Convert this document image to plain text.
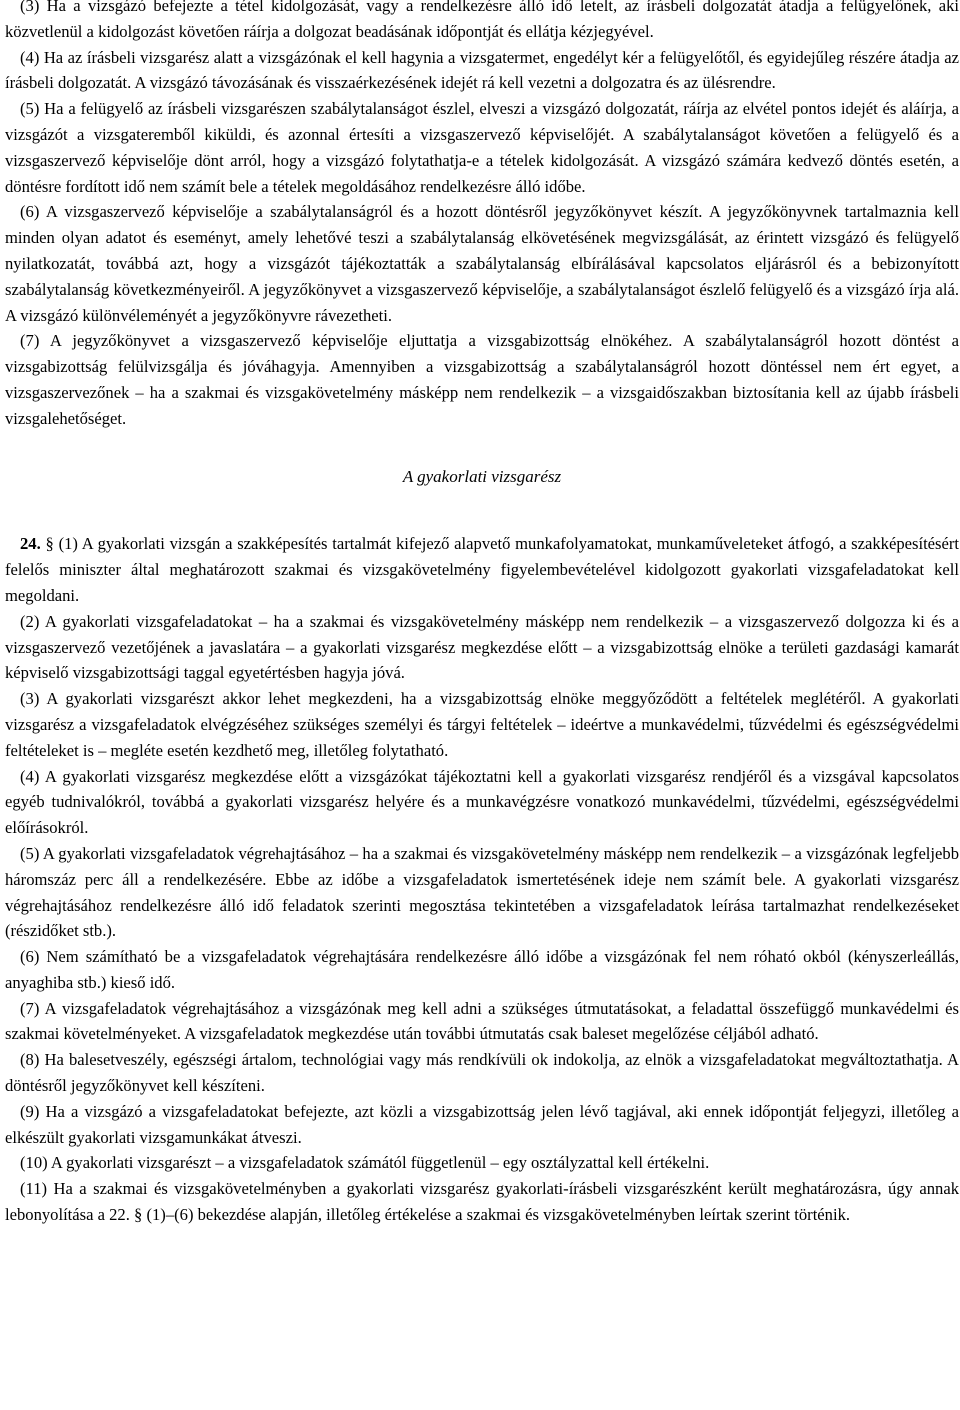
(3) Ha a vizsgázó befejezte a tétel kidolgozását, vagy a rendelkezésre álló idő letelt, az írásbeli dolgozatát átadja a felügyelőnek, aki közvetlenül a kidolgozást követően ráírja a dolgozat beadásának időpontját és ellátja kézjegyével.

(4) Ha az írásbeli vizsgarész alatt a vizsgázónak el kell hagynia a vizsgatermet, engedélyt kér a felügyelőtől, és egyidejűleg részére átadja az írásbeli dolgozatát. A vizsgázó távozásának és visszaérkezésének idejét rá kell vezetni a dolgozatra és az ülésrendre.

(5) Ha a felügyelő az írásbeli vizsgarészen szabálytalanságot észlel, elveszi a vizsgázó dolgozatát, ráírja az elvétel pontos idejét és aláírja, a vizsgázót a vizsgateremből kiküldi, és azonnal értesíti a vizsgaszervező képviselőjét. A szabálytalanságot követően a felügyelő és a vizsgaszervező képviselője dönt arról, hogy a vizsgázó folytathatja-e a tételek kidolgozását. A vizsgázó számára kedvező döntés esetén, a döntésre fordított idő nem számít bele a tételek megoldásához rendelkezésre álló időbe.

(6) A vizsgaszervező képviselője a szabálytalanságról és a hozott döntésről jegyzőkönyvet készít. A jegyzőkönyvnek tartalmaznia kell minden olyan adatot és eseményt, amely lehetővé teszi a szabálytalanság elkövetésének megvizsgálását, az érintett vizsgázó és felügyelő nyilatkozatát, továbbá azt, hogy a vizsgázót tájékoztatták a szabálytalanság elbírálásával kapcsolatos eljárásról és a bebizonyított szabálytalanság következményeiről. A jegyzőkönyvet a vizsgaszervező képviselője, a szabálytalanságot észlelő felügyelő és a vizsgázó írja alá. A vizsgázó különvéleményét a jegyzőkönyvre rávezetheti.

(7) A jegyzőkönyvet a vizsgaszervező képviselője eljuttatja a vizsgabizottság elnökéhez. A szabálytalanságról hozott döntést a vizsgabizottság felülvizsgálja és jóváhagyja. Amennyiben a vizsgabizottság a szabálytalanságról hozott döntéssel nem ért egyet, a vizsgaszervezőnek – ha a szakmai és vizsgakövetelmény másképp nem rendelkezik – a vizsgaidőszakban biztosítania kell az újabb írásbeli vizsgalehetőséget.

A gyakorlati vizsgarész

24. § (1) A gyakorlati vizsgán a szakképesítés tartalmát kifejező alapvető munkafolyamatokat, munkaműveleteket átfogó, a szakképesítésért felelős miniszter által meghatározott szakmai és vizsgakövetelmény figyelembevételével kidolgozott gyakorlati vizsgafeladatokat kell megoldani.

(2) A gyakorlati vizsgafeladatokat – ha a szakmai és vizsgakövetelmény másképp nem rendelkezik – a vizsgaszervező dolgozza ki és a vizsgaszervező vezetőjének a javaslatára – a gyakorlati vizsgarész megkezdése előtt – a vizsgabizottság elnöke a területi gazdasági kamarát képviselő vizsgabizottsági taggal egyetértésben hagyja jóvá.

(3) A gyakorlati vizsgarészt akkor lehet megkezdeni, ha a vizsgabizottság elnöke meggyőződött a feltételek meglétéről. A gyakorlati vizsgarész a vizsgafeladatok elvégzéséhez szükséges személyi és tárgyi feltételek – ideértve a munkavédelmi, tűzvédelmi és egészségvédelmi feltételeket is – megléte esetén kezdhető meg, illetőleg folytatható.

(4) A gyakorlati vizsgarész megkezdése előtt a vizsgázókat tájékoztatni kell a gyakorlati vizsgarész rendjéről és a vizsgával kapcsolatos egyéb tudnivalókról, továbbá a gyakorlati vizsgarész helyére és a munkavégzésre vonatkozó munkavédelmi, tűzvédelmi, egészségvédelmi előírásokról.

(5) A gyakorlati vizsgafeladatok végrehajtásához – ha a szakmai és vizsgakövetelmény másképp nem rendelkezik – a vizsgázónak legfeljebb háromszáz perc áll a rendelkezésére. Ebbe az időbe a vizsgafeladatok ismertetésének ideje nem számít bele. A gyakorlati vizsgarész végrehajtásához rendelkezésre álló idő feladatok szerinti megosztása tekintetében a vizsgafeladatok leírása tartalmazhat rendelkezéseket (részidőket stb.).

(6) Nem számítható be a vizsgafeladatok végrehajtására rendelkezésre álló időbe a vizsgázónak fel nem róható okból (kényszerleállás, anyaghiba stb.) kieső idő.

(7) A vizsgafeladatok végrehajtásához a vizsgázónak meg kell adni a szükséges útmutatásokat, a feladattal összefüggő munkavédelmi és szakmai követelményeket. A vizsgafeladatok megkezdése után további útmutatás csak baleset megelőzése céljából adható.

(8) Ha balesetveszély, egészségi ártalom, technológiai vagy más rendkívüli ok indokolja, az elnök a vizsgafeladatokat megváltoztathatja. A döntésről jegyzőkönyvet kell készíteni.

(9) Ha a vizsgázó a vizsgafeladatokat befejezte, azt közli a vizsgabizottság jelen lévő tagjával, aki ennek időpontját feljegyzi, illetőleg a elkészült gyakorlati vizsgamunkákat átveszi.

(10) A gyakorlati vizsgarészt – a vizsgafeladatok számától függetlenül – egy osztályzattal kell értékelni.

(11) Ha a szakmai és vizsgakövetelményben a gyakorlati vizsgarész gyakorlati-írásbeli vizsgarészként került meghatározásra, úgy annak lebonyolítása a 22. § (1)–(6) bekezdése alapján, illetőleg értékelése a szakmai és vizsgakövetelményben leírtak szerint történik.
